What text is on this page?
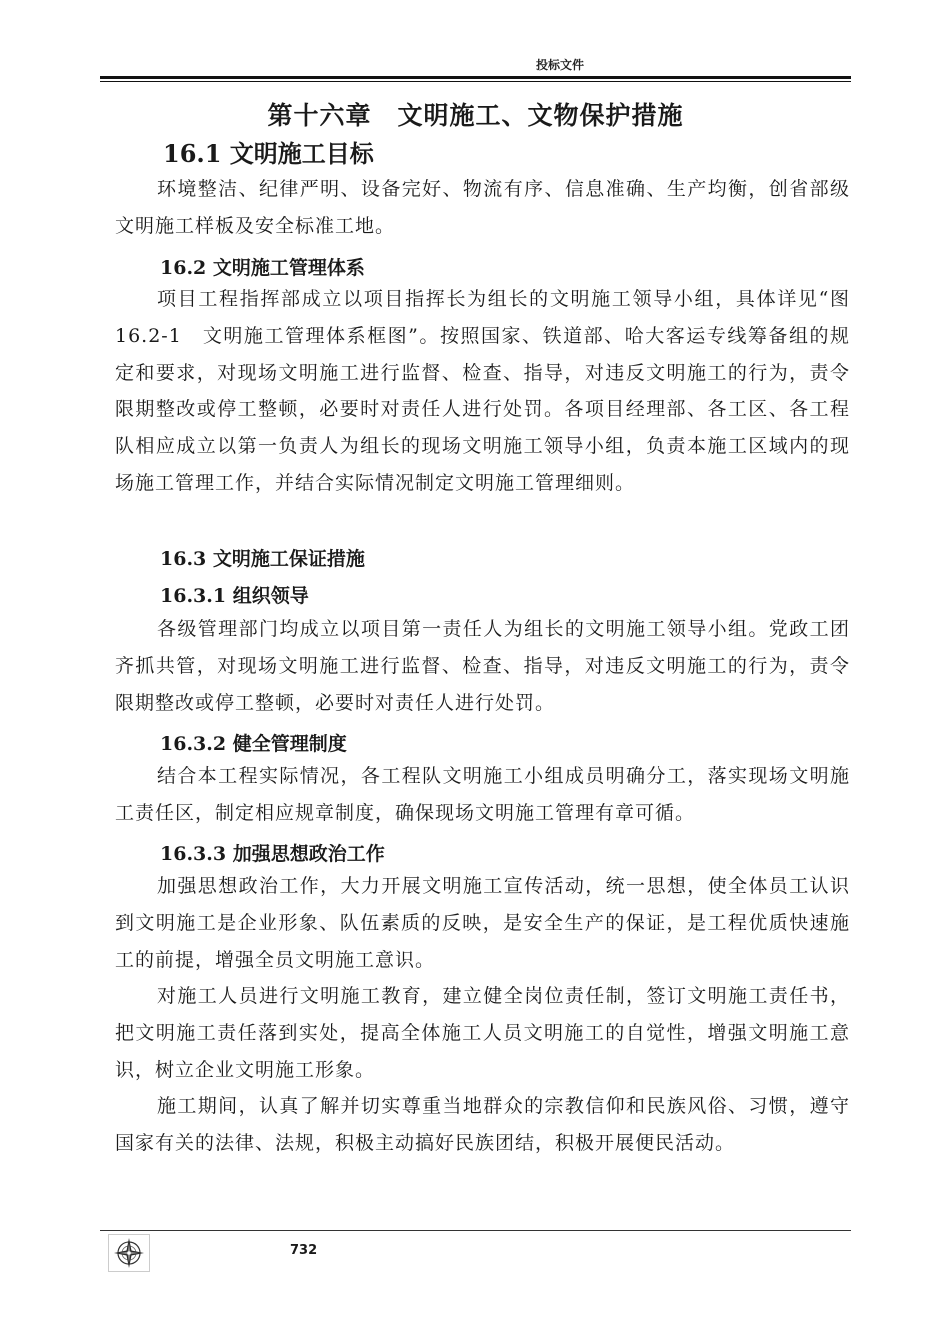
投标文件
第十六章 文明施工、文物保护措施
16.1 文明施工目标

环境整洁、纪律严明、设备完好、物流有序、信息准确、生产均衡，创省部级文明施工样板及安全标准工地。

16.2 文明施工管理体系

项目工程指挥部成立以项目指挥长为组长的文明施工领导小组，具体详见“图16.2-1　文明施工管理体系框图”。按照国家、铁道部、哈大客运专线筹备组的规定和要求，对现场文明施工进行监督、检查、指导，对违反文明施工的行为，责令限期整改或停工整顿，必要时对责任人进行处罚。各项目经理部、各工区、各工程队相应成立以第一负责人为组长的现场文明施工领导小组，负责本施工区域内的现场施工管理工作，并结合实际情况制定文明施工管理细则。

16.3 文明施工保证措施
16.3.1 组织领导

各级管理部门均成立以项目第一责任人为组长的文明施工领导小组。党政工团齐抓共管，对现场文明施工进行监督、检查、指导，对违反文明施工的行为，责令限期整改或停工整顿，必要时对责任人进行处罚。

16.3.2 健全管理制度

结合本工程实际情况，各工程队文明施工小组成员明确分工，落实现场文明施工责任区，制定相应规章制度，确保现场文明施工管理有章可循。

16.3.3 加强思想政治工作

加强思想政治工作，大力开展文明施工宣传活动，统一思想，使全体员工认识到文明施工是企业形象、队伍素质的反映，是安全生产的保证，是工程优质快速施工的前提，增强全员文明施工意识。

对施工人员进行文明施工教育，建立健全岗位责任制，签订文明施工责任书，把文明施工责任落到实处，提高全体施工人员文明施工的自觉性，增强文明施工意识，树立企业文明施工形象。

施工期间，认真了解并切实尊重当地群众的宗教信仰和民族风俗、习惯，遵守国家有关的法律、法规，积极主动搞好民族团结，积极开展便民活动。

732
